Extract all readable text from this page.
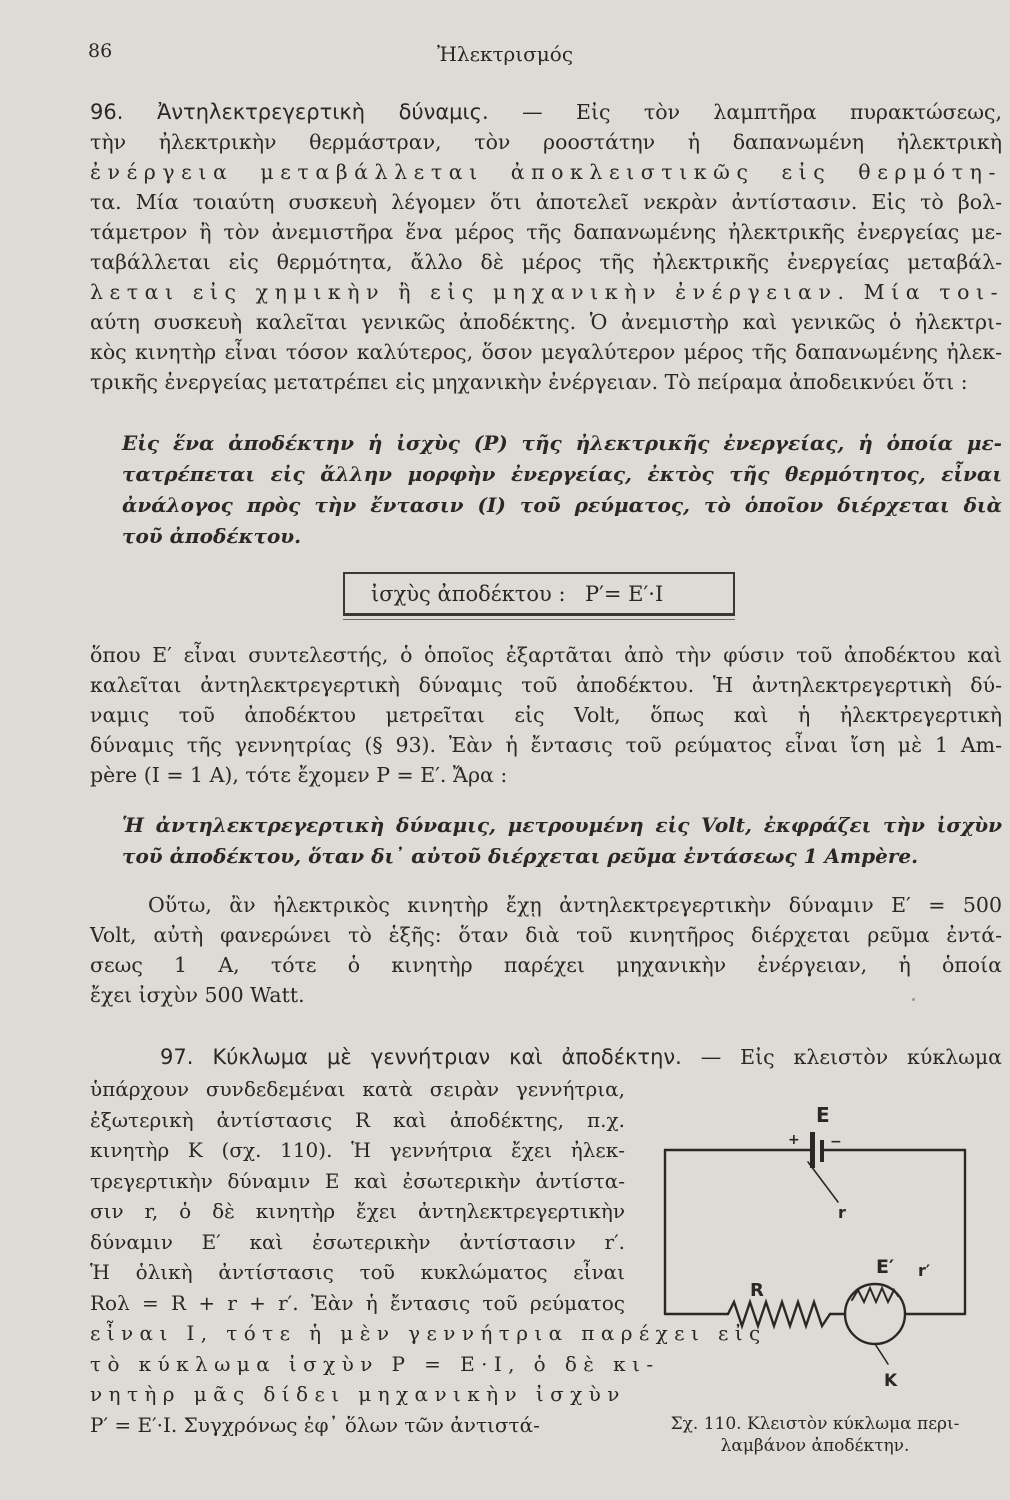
86	Ἠλεκτρισμός
96. Ἀντηλεκτρεγερτικὴ δύναμις. — Εἰς τὸν λαμπτῆρα πυρακτώσεως,
τὴν ἠλεκτρικὴν θερμάστραν, τὸν ροοστάτην ἡ δαπανωμένη ἠλεκτρικὴ
ἐνέργεια μεταβάλλεται ἀποκλειστικῶς εἰς θερμότη-
τα. Μία τοιαύτη συσκευὴ λέγομεν ὅτι ἀποτελεῖ νεκρὰν ἀντίστασιν. Εἰς τὸ βολ-
τάμετρον ἢ τὸν ἀνεμιστῆρα ἕνα μέρος τῆς δαπανωμένης ἠλεκτρικῆς ἐνεργείας με-
ταβάλλεται εἰς θερμότητα, ἄλλο δὲ μέρος τῆς ἠλεκτρικῆς ἐνεργείας μεταβάλ-
λεται εἰς χημικὴν ἢ εἰς μηχανικὴν ἐνέργειαν. Μία τοι-
αύτη συσκευὴ καλεῖται γενικῶς ἀποδέκτης. Ὁ ἀνεμιστὴρ καὶ γενικῶς ὁ ἠλεκτρι-
κὸς κινητὴρ εἶναι τόσον καλύτερος, ὅσον μεγαλύτερον μέρος τῆς δαπανωμένης ἠλεκ-
τρικῆς ἐνεργείας μετατρέπει εἰς μηχανικὴν ἐνέργειαν. Τὸ πείραμα ἀποδεικνύει ὅτι :
Εἰς ἕνα ἀποδέκτην ἡ ἰσχὺς (P) τῆς ἠλεκτρικῆς ἐνεργείας, ἡ ὁποία με-
τατρέπεται εἰς ἄλλην μορφὴν ἐνεργείας, ἐκτὸς τῆς θερμότητος, εἶναι
ἀνάλογος πρὸς τὴν ἔντασιν (I) τοῦ ρεύματος, τὸ ὁποῖον διέρχεται διὰ
τοῦ ἀποδέκτου.
ἰσχὺς ἀποδέκτου : P′= E′·I
ὅπου E′ εἶναι συντελεστής, ὁ ὁποῖος ἐξαρτᾶται ἀπὸ τὴν φύσιν τοῦ ἀποδέκτου καὶ
καλεῖται ἀντηλεκτρεγερτικὴ δύναμις τοῦ ἀποδέκτου. Ἡ ἀντηλεκτρεγερτικὴ δύ-
ναμις τοῦ ἀποδέκτου μετρεῖται εἰς Volt, ὅπως καὶ ἡ ἠλεκτρεγερτικὴ
δύναμις τῆς γεννητρίας (§ 93). Ἐὰν ἡ ἔντασις τοῦ ρεύματος εἶναι ἴση μὲ 1 Am-
père (I = 1 A), τότε ἔχομεν P = E′. Ἄρα :
Ἡ ἀντηλεκτρεγερτικὴ δύναμις, μετρουμένη εἰς Volt, ἐκφράζει τὴν ἰσχὺν
τοῦ ἀποδέκτου, ὅταν δι᾽ αὐτοῦ διέρχεται ρεῦμα ἐντάσεως 1 Ampère.
Οὕτω, ἂν ἠλεκτρικὸς κινητὴρ ἔχῃ ἀντηλεκτρεγερτικὴν δύναμιν E′ = 500
Volt, αὐτὴ φανερώνει τὸ ἑξῆς: ὅταν διὰ τοῦ κινητῆρος διέρχεται ρεῦμα ἐντά-
σεως 1 A, τότε ὁ κινητὴρ παρέχει μηχανικὴν ἐνέργειαν, ἡ ὁποία
ἔχει ἰσχὺν 500 Watt.
97. Κύκλωμα μὲ γεννήτριαν καὶ ἀποδέκτην. — Εἰς κλειστὸν κύκλωμα
ὑπάρχουν συνδεδεμέναι κατὰ σειρὰν γεννήτρια,
ἐξωτερικὴ ἀντίστασις R καὶ ἀποδέκτης, π.χ.
κινητὴρ K (σχ. 110). Ἡ γεννήτρια ἔχει ἠλεκ-
τρεγερτικὴν δύναμιν E καὶ ἐσωτερικὴν ἀντίστα-
σιν r, ὁ δὲ κινητὴρ ἔχει ἀντηλεκτρεγερτικὴν
δύναμιν E′ καὶ ἐσωτερικὴν ἀντίστασιν r′.
Ἡ ὁλικὴ ἀντίστασις τοῦ κυκλώματος εἶναι
Rολ = R + r + r′. Ἐὰν ἡ ἔντασις τοῦ ρεύματος
εἶναι I, τότε ἡ μὲν γεννήτρια παρέχει εἰς
τὸ κύκλωμα ἰσχὺν P = E·I, ὁ δὲ κι-
νητὴρ μᾶς δίδει μηχανικὴν ἰσχὺν
P′ = E′·I. Συγχρόνως ἐφ᾽ ὅλων τῶν ἀντιστά-
E
+ −
r
R
E′ r′
K
Σχ. 110. Κλειστὸν κύκλωμα περι-
λαμβάνον ἀποδέκτην.
